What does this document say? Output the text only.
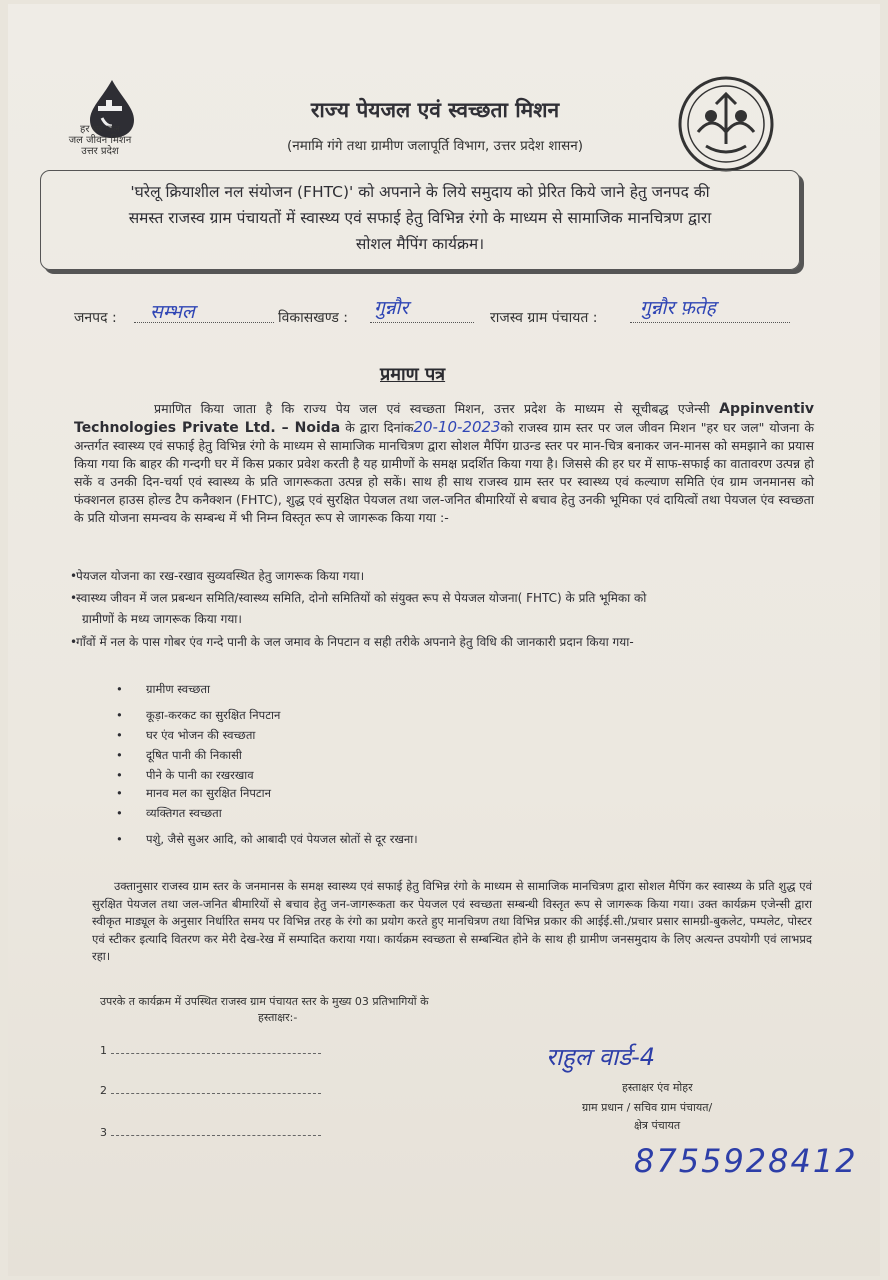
हर घर जल
जल जीवन मिशन
उत्तर प्रदेश
राज्य पेयजल एवं स्वच्छता मिशन
(नमामि गंगे तथा ग्रामीण जलापूर्ति विभाग, उत्तर प्रदेश शासन)
'घरेलू क्रियाशील नल संयोजन (FHTC)' को अपनाने के लिये समुदाय को प्रेरित किये जाने हेतु जनपद की
समस्त राजस्व ग्राम पंचायतों में स्वास्थ्य एवं सफाई हेतु विभिन्न रंगो के माध्यम से सामाजिक मानचित्रण द्वारा
सोशल मैपिंग कार्यक्रम।
जनपद : सम्भल	विकासखण्ड : गुन्नौर	राजस्व ग्राम पंचायत : गुन्नौर फ़तेह
प्रमाण पत्र
प्रमाणित किया जाता है कि राज्य पेय जल एवं स्वच्छता मिशन, उत्तर प्रदेश के माध्यम से सूचीबद्ध एजेन्सी Appinventiv Technologies Private Ltd. – Noida के द्वारा दिनांक20-10-2023को राजस्व ग्राम स्तर पर जल जीवन मिशन "हर घर जल" योजना के अन्तर्गत स्वास्थ्य एवं सफाई हेतु विभिन्न रंगो के माध्यम से सामाजिक मानचित्रण द्वारा सोशल मैपिंग ग्राउन्ड स्तर पर मान-चित्र बनाकर जन-मानस को समझाने का प्रयास किया गया कि बाहर की गन्दगी घर में किस प्रकार प्रवेश करती है यह ग्रामीणों के समक्ष प्रदर्शित किया गया है। जिससे की हर घर में साफ-सफाई का वातावरण उत्पन्न हो सकें व उनकी दिन-चर्या एवं स्वास्थ्य के प्रति जागरूकता उत्पन्न हो सकें। साथ ही साथ राजस्व ग्राम स्तर पर स्वास्थ्य एवं कल्याण समिति एंव ग्राम जनमानस को फंक्शनल हाउस होल्ड टैप कनैक्शन (FHTC), शुद्ध एवं सुरक्षित पेयजल तथा जल-जनित बीमारियों से बचाव हेतु उनकी भूमिका एवं दायित्वों तथा पेयजल एंव स्वच्छता के प्रति योजना समन्वय के सम्बन्ध में भी निम्न विस्तृत रूप से जागरूक किया गया :-
• पेयजल योजना का रख-रखाव सुव्यवस्थित हेतु जागरूक किया गया।
• स्वास्थ्य जीवन में जल प्रबन्धन समिति/स्वास्थ्य समिति, दोनो समितियों को संयुक्त रूप से पेयजल योजना( FHTC) के प्रति भूमिका को
ग्रामीणों के मध्य जागरूक किया गया।
• गाँवों में नल के पास गोबर एंव गन्दे पानी के जल जमाव के निपटान व सही तरीके अपनाने हेतु विधि की जानकारी प्रदान किया गया-
• ग्रामीण स्वच्छता
• कूड़ा-करकट का सुरक्षित निपटान
• घर एंव भोजन की स्वच्छता
• दूषित पानी की निकासी
• पीने के पानी का रखरखाव
• मानव मल का सुरक्षित निपटान
• व्यक्तिगत स्वच्छता
• पशुे, जैसे सुअर आदि, को आबादी एवं पेयजल स्रोतों से दूर रखना।
उक्तानुसार राजस्व ग्राम स्तर के जनमानस के समक्ष स्वास्थ्य एवं सफाई हेतु विभिन्न रंगो के माध्यम से सामाजिक मानचित्रण द्वारा सोशल मैपिंग कर स्वास्थ्य के प्रति शुद्ध एवं सुरक्षित पेयजल तथा जल-जनित बीमारियों से बचाव हेतु जन-जागरूकता कर पेयजल एवं स्वच्छता सम्बन्धी विस्तृत रूप से जागरूक किया गया। उक्त कार्यक्रम एजेन्सी द्वारा स्वीकृत माड्यूल के अनुसार निर्धारित समय पर विभिन्न तरह के रंगो का प्रयोग करते हुए मानचित्रण तथा विभिन्न प्रकार की आईई.सी./प्रचार प्रसार सामग्री-बुकलेट, पम्पलेट, पोस्टर एवं स्टीकर इत्यादि वितरण कर मेरी देख-रेख में सम्पादित कराया गया। कार्यक्रम स्वच्छता से सम्बन्धित होने के साथ ही ग्रामीण जनसमुदाय के लिए अत्यन्त उपयोगी एवं लाभप्रद रहा।
उपरके त कार्यक्रम में उपस्थित राजस्व ग्राम पंचायत स्तर के मुख्य 03 प्रतिभागियों के
हस्ताक्षर:-
1
2
3
राहुल वार्ड-4
हस्ताक्षर एंव मोहर
ग्राम प्रधान / सचिव ग्राम पंचायत/
क्षेत्र पंचायत
8755928412
